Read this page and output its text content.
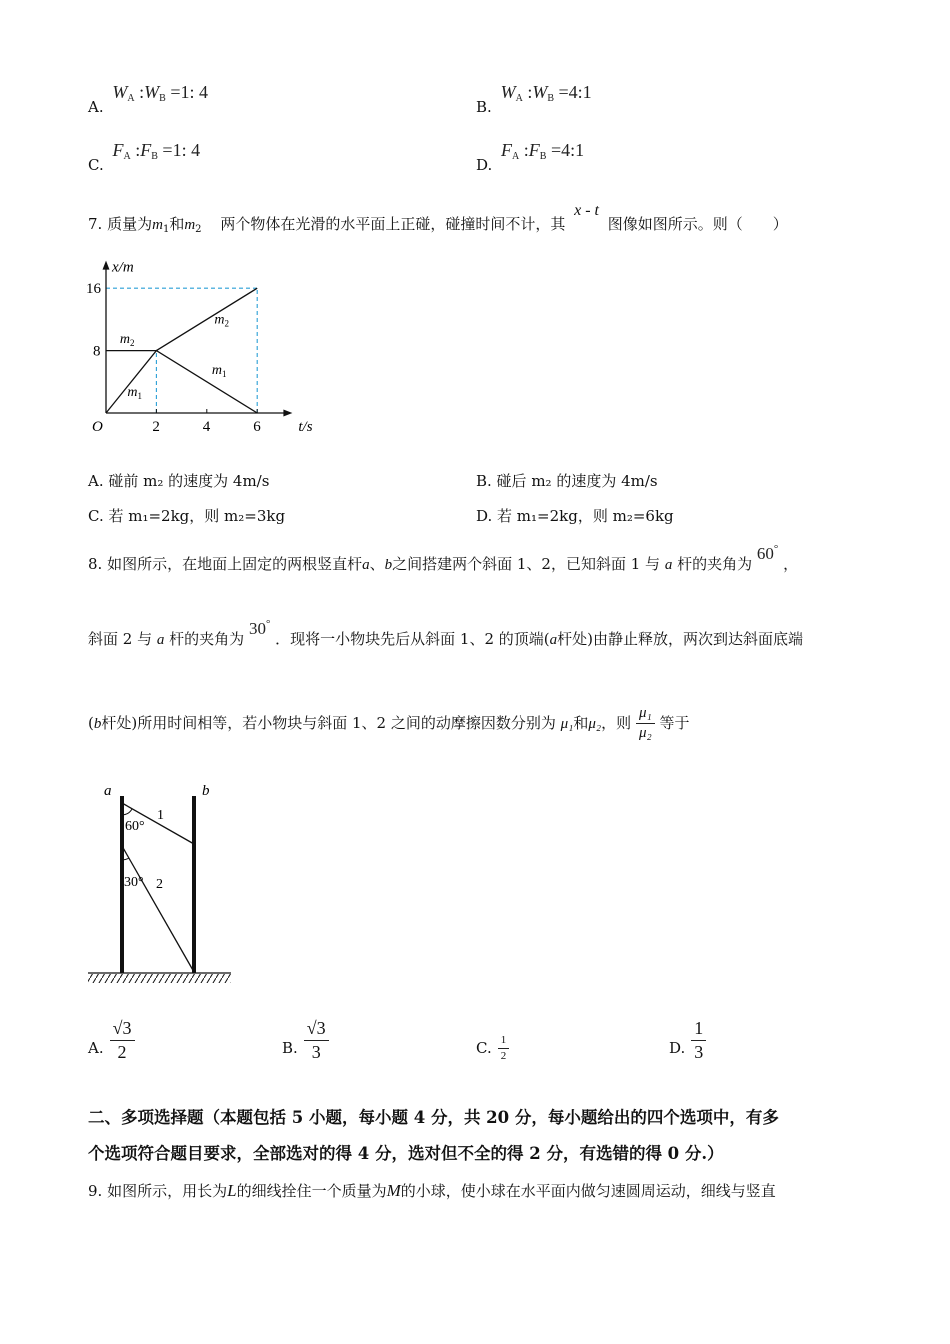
A. $W_A$ $:W_B =1$: 4
B. $W_A$ $:W_B$ =4:1
C. $F_A$ $:F_B =1$: 4
D. $F_A$ $:F_B$ =4:1
7. 质量为$m_1$和$m_2$ 两个物体在光滑的水平面上正碰，碰撞时间不计，其 x - t 图像如图所示。则（　　）
2	4	6
8
16
O
x/m
t/s
$m_1$
$m_1$
$m_2$
$m_2$
A. 碰前 m₂ 的速度为 4m/s	B. 碰后 m₂ 的速度为 4m/s
C. 若 m₁=2kg，则 m₂=3kg	D. 若 m₁=2kg，则 m₂=6kg
8. 如图所示，在地面上固定的两根竖直杆a、b之间搭建两个斜面 1、2，已知斜面 1 与 a 杆的夹角为 60° ，
斜面 2 与 a 杆的夹角为 30° ．现将一小物块先后从斜面 1、2 的顶端(a杆处)由静止释放，两次到达斜面底端
(b杆处)所用时间相等，若小物块与斜面 1、2 之间的动摩擦因数分别为 μ₁和μ₂，则 $\frac{\text{μ₁}}{\text{μ₂}}$ 等于
a	b
60°
1
30° 2
A. $\frac{√3}{2}$	B. $\frac{√3}{3}$	C. $\frac{1}{2}$	D. $\frac{1}{3}$
二、多项选择题（本题包括 5 小题，每小题 4 分，共 20 分，每小题给出的四个选项中，有多
个选项符合题目要求，全部选对的得 4 分，选对但不全的得 2 分，有选错的得 0 分.）
9. 如图所示，用长为L的细线拴住一个质量为M的小球，使小球在水平面内做匀速圆周运动，细线与竖直
